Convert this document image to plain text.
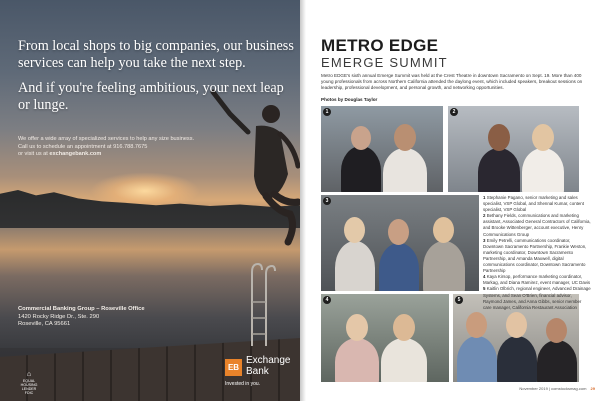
From local shops to big companies, our business services can help you take the next step.

And if you're feeling ambitious, your next leap or lunge.

We offer a wide array of specialized services to help any size business.
Call us to schedule an appointment at 916.788.7675
or visit us at exchangebank.com
Commercial Banking Group – Roseville Office
1420 Rocky Ridge Dr., Ste. 290
Roseville, CA 95661
⌂
EQUAL HOUSING LENDER
FDIC
EB
Exchange
Bank
Invested in you.
METRO EDGE
EMERGE SUMMIT
Metro EDGE's sixth annual Emerge Summit was held at the Crest Theatre in downtown Sacramento on Sept. 19. More than 400 young professionals from across Northern California attended the daylong event, which included speakers, breakout sessions on leadership, professional development, and personal growth, and networking opportunities.
Photos by Douglas Taylor
1	2
3
4	5

1 Stephanie Pagano, senior marketing and sales specialist, VSP Global, and Shennal Kumar, content specialist, VSP Global

2 Bethany Fields, communications and marketing assistant, Associated General Contractors of California, and Brooke Wittenberger, account executive, Henry Communications Group

3 Emily Petrelli, communications coordinator, Downtown Sacramento Partnership, Frankie Weston, marketing coordinator, Downtown Sacramento Partnership, and Amanda Maxwell, digital communications coordinator, Downtown Sacramento Partnership

4 Kaya Kirsop, performance marketing coordinator, Markag, and Diana Ramirez, event manager, UC Davis

5 Kaitlin Olbrich, regional engineer, Advanced Drainage Systems, and Sean O'Brien, financial advisor, Raymond James, and Anna Gibbs, senior member care manager, California Restaurant Association

November 2019 | comstocksmag.com 29
